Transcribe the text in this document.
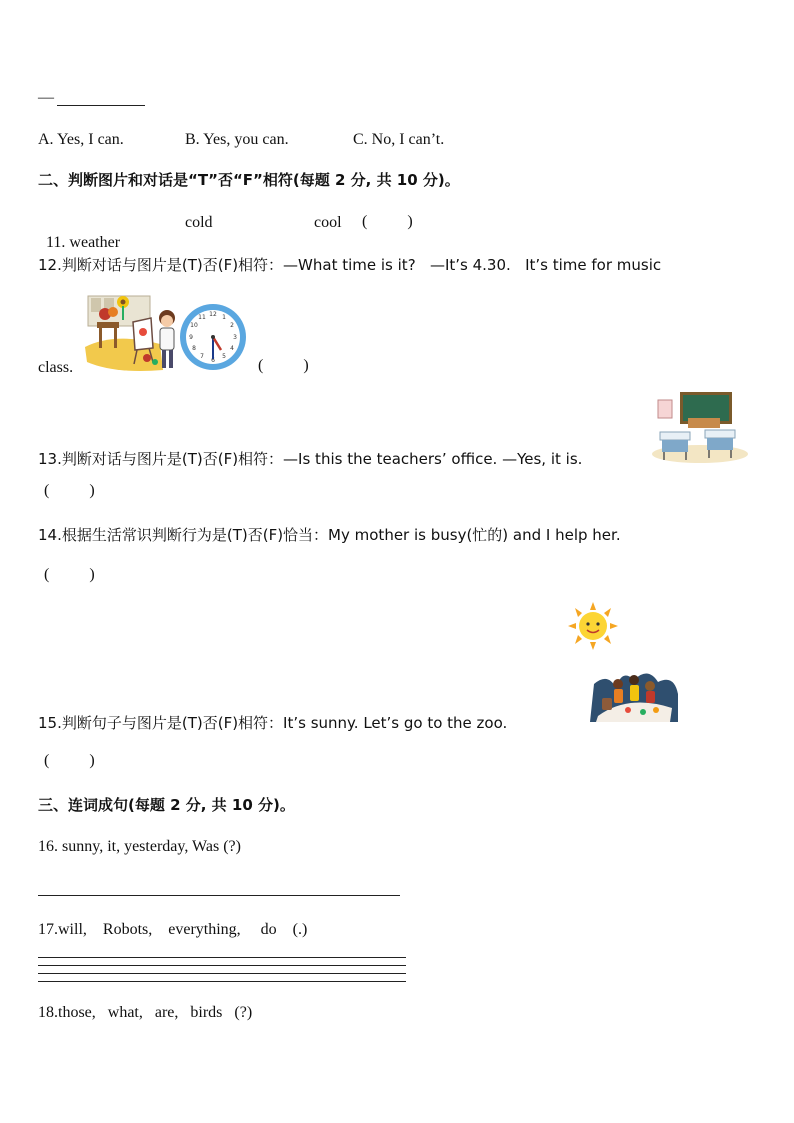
—
A. Yes, I can.	B. Yes, you can.	C. No, I can’t.
二、判断图片和对话是“T”否“F”相符(每题 2 分, 共 10 分)。

11. weather

cold	cool (          )
12.判断对话与图片是(T)否(F)相符：—What time is it?   —It’s 4.30.   It’s time for music
12 1
2
3
4
5
6
7
8
9
10
11
class.	(          )
13.判断对话与图片是(T)否(F)相符：—Is this the teachers’ office. —Yes, it is.
(          )
14.根据生活常识判断行为是(T)否(F)恰当：My mother is busy(忙的) and I help her.
(          )
15.判断句子与图片是(T)否(F)相符：It’s sunny. Let’s go to the zoo.
(          )
三、连词成句(每题 2 分, 共 10 分)。
16. sunny, it, yesterday, Was (?)
17.will,    Robots,    everything,     do    (.)
18.those,   what,   are,   birds   (?)
